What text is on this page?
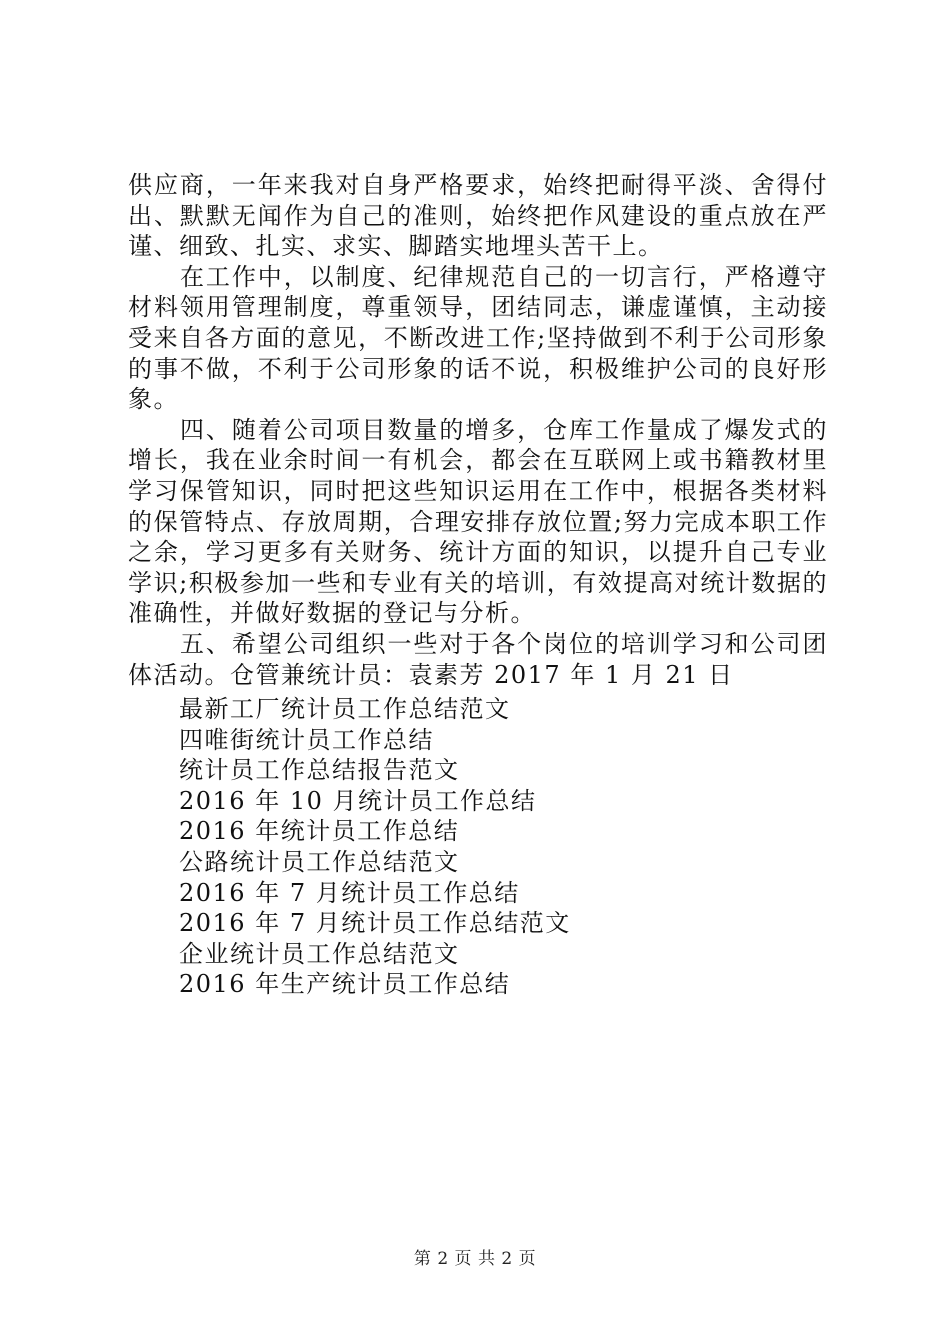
供应商，一年来我对自身严格要求，始终把耐得平淡、舍得付出、默默无闻作为自己的准则，始终把作风建设的重点放在严谨、细致、扎实、求实、脚踏实地埋头苦干上。

在工作中，以制度、纪律规范自己的一切言行，严格遵守材料领用管理制度，尊重领导，团结同志，谦虚谨慎，主动接受来自各方面的意见，不断改进工作;坚持做到不利于公司形象的事不做，不利于公司形象的话不说，积极维护公司的良好形象。

四、随着公司项目数量的增多，仓库工作量成了爆发式的增长，我在业余时间一有机会，都会在互联网上或书籍教材里学习保管知识，同时把这些知识运用在工作中，根据各类材料的保管特点、存放周期，合理安排存放位置;努力完成本职工作之余，学习更多有关财务、统计方面的知识，以提升自己专业学识;积极参加一些和专业有关的培训，有效提高对统计数据的准确性，并做好数据的登记与分析。

五、希望公司组织一些对于各个岗位的培训学习和公司团体活动。仓管兼统计员：袁素芳 2017 年 1 月 21 日

最新工厂统计员工作总结范文
四唯街统计员工作总结
统计员工作总结报告范文
2016 年 10 月统计员工作总结
2016 年统计员工作总结
公路统计员工作总结范文
2016 年 7 月统计员工作总结
2016 年 7 月统计员工作总结范文
企业统计员工作总结范文
2016 年生产统计员工作总结
第 2 页 共 2 页
